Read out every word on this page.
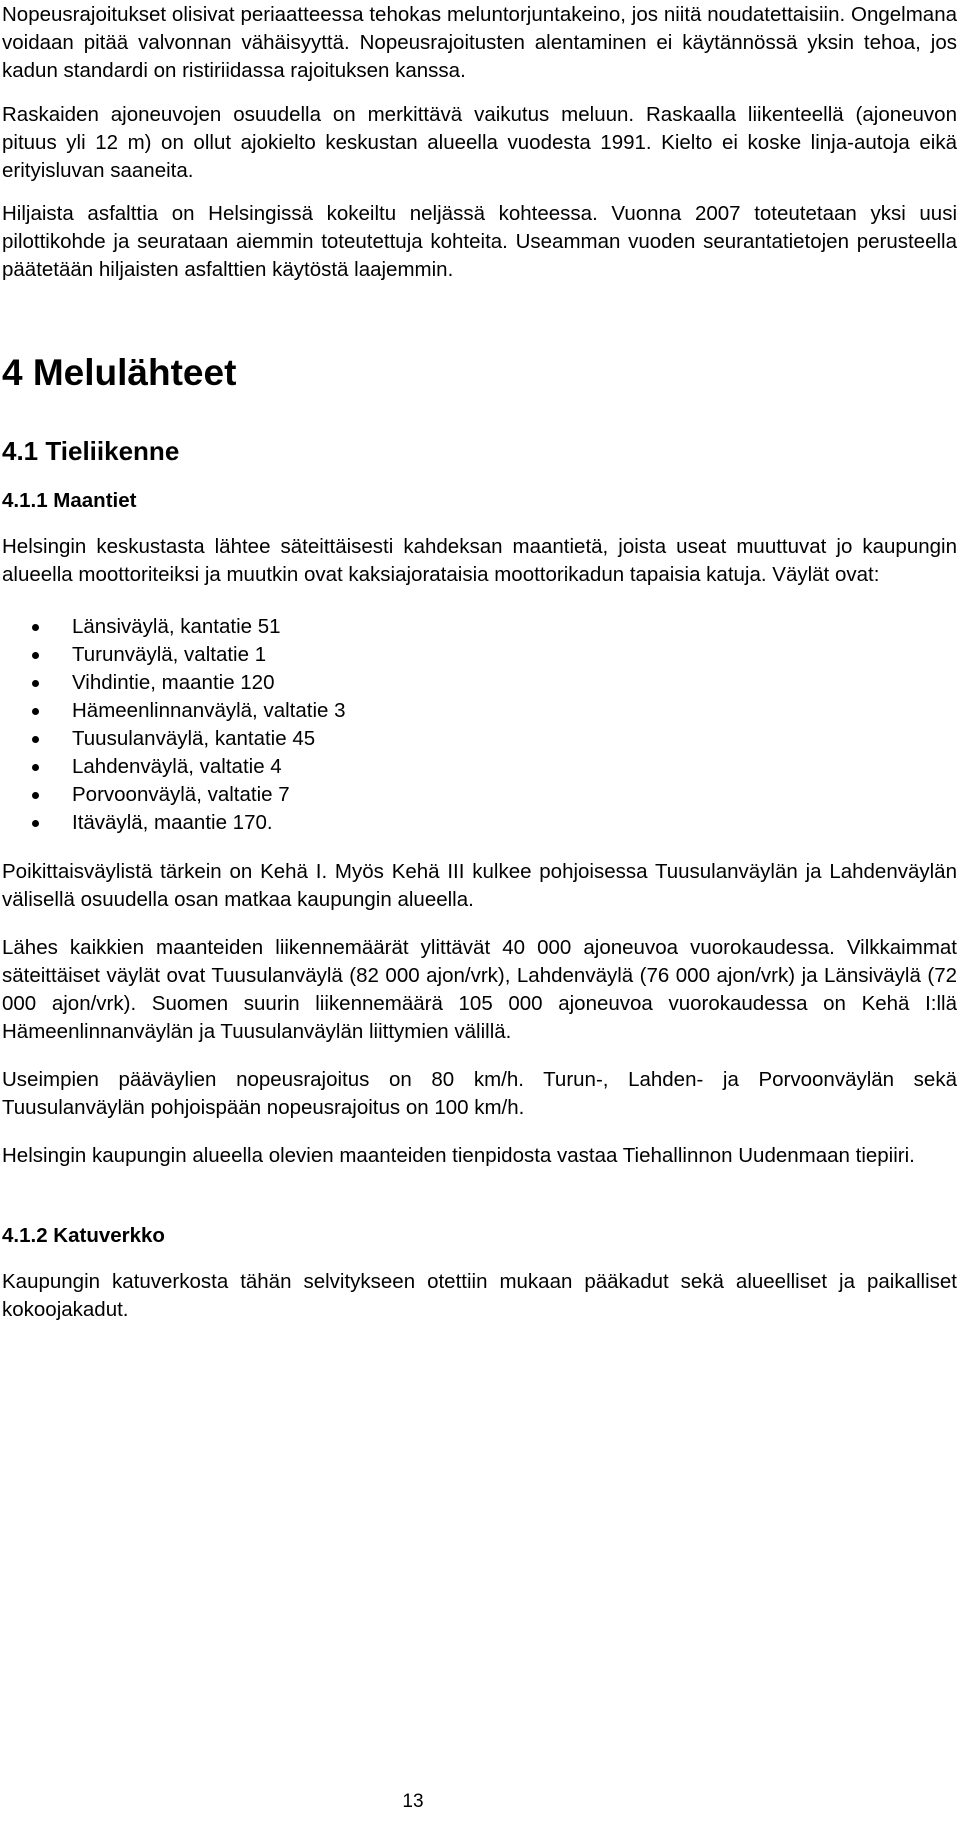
Nopeusrajoitukset olisivat periaatteessa tehokas meluntorjuntakeino, jos niitä noudatettaisiin. Ongelmana voidaan pitää valvonnan vähäisyyttä. Nopeusrajoitusten alentaminen ei käytännössä yksin tehoa, jos kadun standardi on ristiriidassa rajoituksen kanssa.

Raskaiden ajoneuvojen osuudella on merkittävä vaikutus meluun. Raskaalla liikenteellä (ajoneuvon pituus yli 12 m) on ollut ajokielto keskustan alueella vuodesta 1991. Kielto ei koske linja-autoja eikä erityisluvan saaneita.

Hiljaista asfalttia on Helsingissä kokeiltu neljässä kohteessa. Vuonna 2007 toteutetaan yksi uusi pilottikohde ja seurataan aiemmin toteutettuja kohteita. Useamman vuoden seurantatietojen perusteella päätetään hiljaisten asfalttien käytöstä laajemmin.

4 Melulähteet
4.1 Tieliikenne
4.1.1 Maantiet

Helsingin keskustasta lähtee säteittäisesti kahdeksan maantietä, joista useat muuttuvat jo kaupungin alueella moottoriteiksi ja muutkin ovat kaksiajorataisia moottorikadun tapaisia katuja. Väylät ovat:

Länsiväylä, kantatie 51
Turunväylä, valtatie 1
Vihdintie, maantie 120
Hämeenlinnanväylä, valtatie 3
Tuusulanväylä, kantatie 45
Lahdenväylä, valtatie 4
Porvoonväylä, valtatie 7
Itäväylä, maantie 170.

Poikittaisväylistä tärkein on Kehä I. Myös Kehä III kulkee pohjoisessa Tuusulanväylän ja Lahdenväylän välisellä osuudella osan matkaa kaupungin alueella.

Lähes kaikkien maanteiden liikennemäärät ylittävät 40 000 ajoneuvoa vuorokaudessa. Vilkkaimmat säteittäiset väylät ovat Tuusulanväylä (82 000 ajon/vrk), Lahdenväylä (76 000 ajon/vrk) ja Länsiväylä (72 000 ajon/vrk). Suomen suurin liikennemäärä 105 000 ajoneuvoa vuorokaudessa on Kehä I:llä Hämeenlinnanväylän ja Tuusulanväylän liittymien välillä.

Useimpien pääväylien nopeusrajoitus on 80 km/h. Turun-, Lahden- ja Porvoonväylän sekä Tuusulanväylän pohjoispään nopeusrajoitus on 100 km/h.

Helsingin kaupungin alueella olevien maanteiden tienpidosta vastaa Tiehallinnon Uudenmaan tiepiiri.

4.1.2 Katuverkko

Kaupungin katuverkosta tähän selvitykseen otettiin mukaan pääkadut sekä alueelliset ja paikalliset kokoojakadut.

13
